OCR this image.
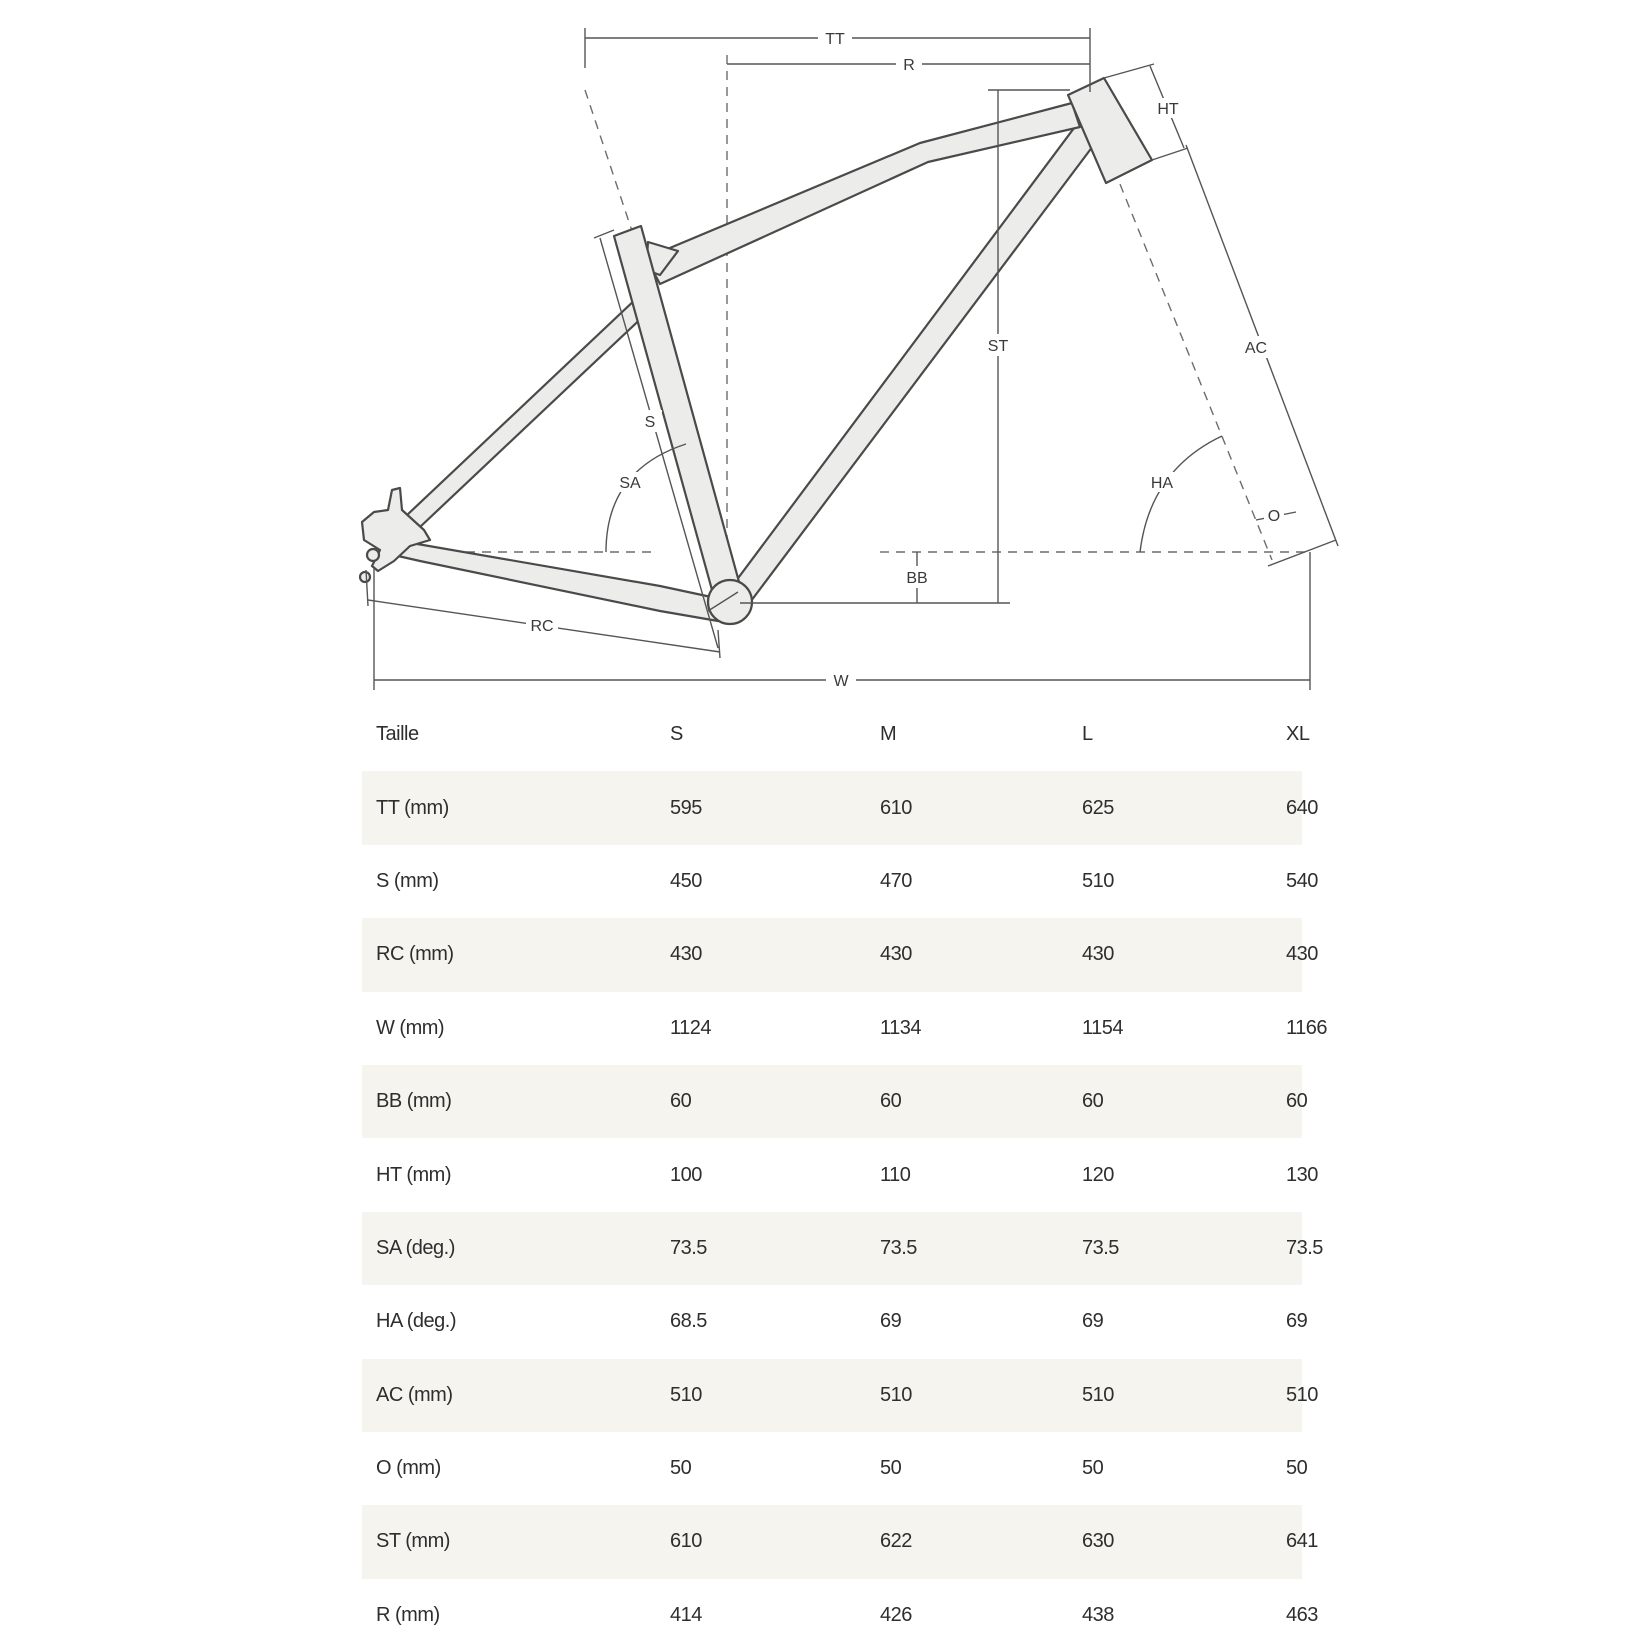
TT
R
HT
ST	AC
HA
O
S
SA
BB
RC
W
Taille	S	M	L	XL
TT (mm)	595	610	625	640
S (mm)	450	470	510	540
RC (mm)	430	430	430	430
W (mm)	1124	1134	1154	1166
BB (mm)	60	60	60	60
HT (mm)	100	110	120	130
SA (deg.)	73.5	73.5	73.5	73.5
HA (deg.)	68.5	69	69	69
AC (mm)	510	510	510	510
O (mm)	50	50	50	50
ST (mm)	610	622	630	641
R (mm)	414	426	438	463
